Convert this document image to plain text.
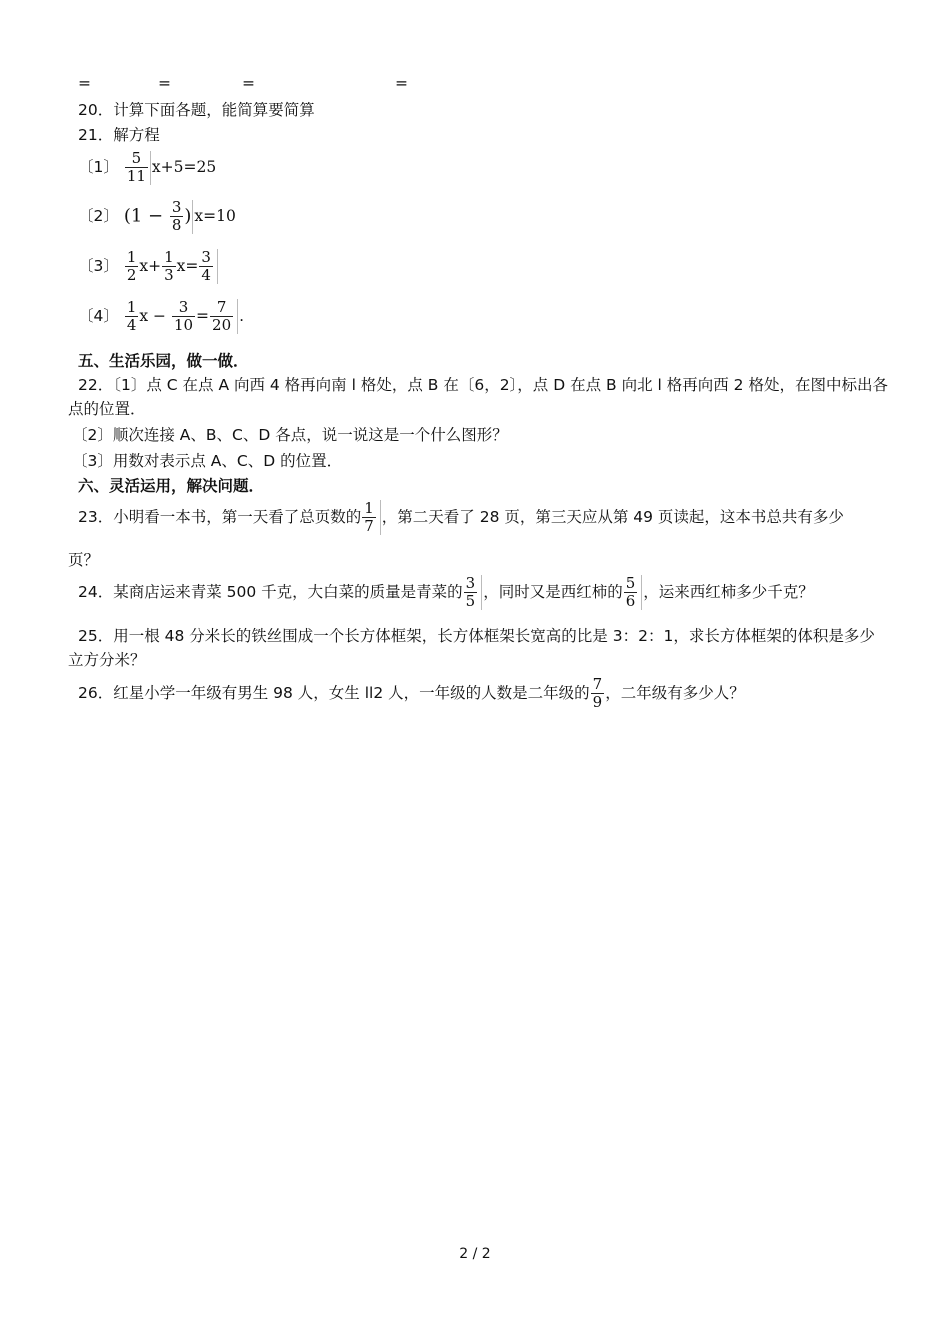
=	=	=	=
20．计算下面各题，能简算要简算
21．解方程
〔1〕 $\frac{5}{11} x+5=25$
〔2〕 ($1 - \frac{3}{8}$ ) x=10
〔3〕 $\frac{1}{2} x+ \frac{1}{3} x= \frac{3}{4}$
〔4〕 $\frac{1}{4}$ $x - \frac{3}{10} = \frac{7}{20}$ .
五、生活乐园，做一做．
22．〔1〕点 C 在点 A 向西 4 格再向南 l 格处，点 B 在〔6，2〕，点 D 在点 B 向北 l 格再向西 2 格处，在图中标出各点的位置．
〔2〕顺次连接 A、B、C、D 各点，说一说这是一个什么图形？
〔3〕用数对表示点 A、C、D 的位置．
六、灵活运用，解决问题．
23．小明看一本书，第一天看了总页数的 $\frac{1}{7}$ ，第二天看了 28 页，第三天应从第 49 页读起，这本书总共有多少
页？
24．某商店运来青菜 500 千克，大白菜的质量是青菜的 $\frac{3}{5}$ ，同时又是西红柿的 $\frac{5}{6}$ ，运来西红柿多少千克？
25．用一根 48 分米长的铁丝围成一个长方体框架，长方体框架长宽高的比是 3：2：1，求长方体框架的体积是多少立方分米？
26．红星小学一年级有男生 98 人，女生 ll2 人，一年级的人数是二年级的 $\frac{7}{9}$ ，二年级有多少人？
2 / 2
